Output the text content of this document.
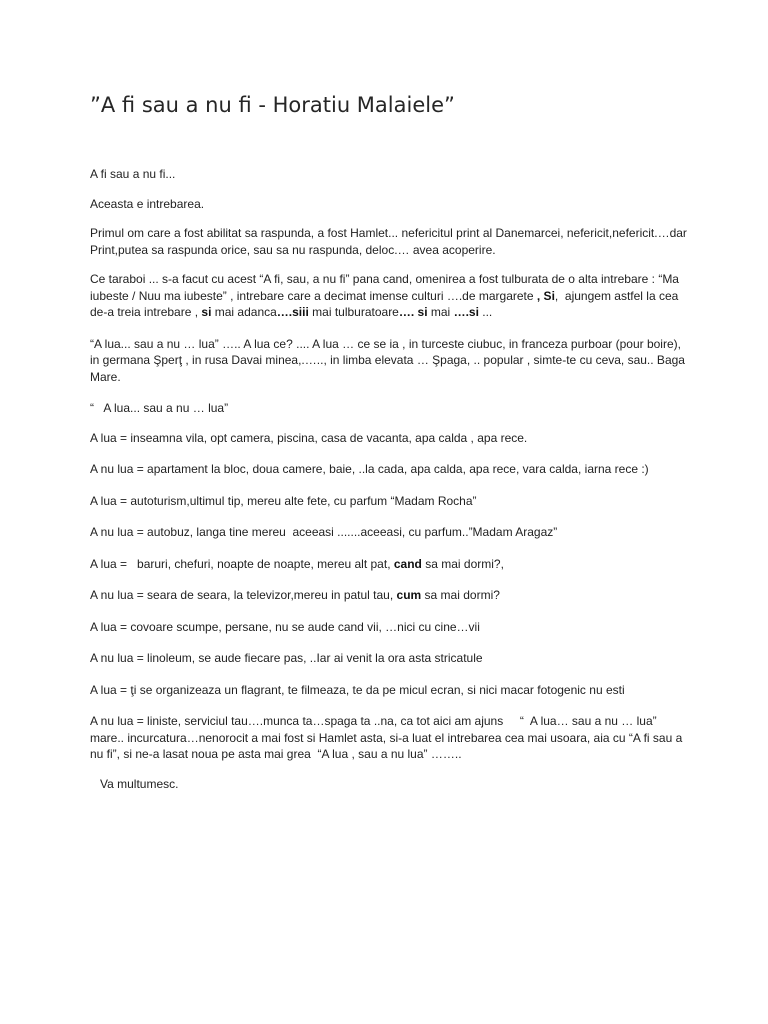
”A fi sau a nu fi - Horatiu Malaiele”

A fi sau a nu fi...

Aceasta e intrebarea.

Primul om care a fost abilitat sa raspunda, a fost Hamlet... nefericitul print al Danemarcei, nefericit,nefericit.…dar Print,putea sa raspunda orice, sau sa nu raspunda, deloc.… avea acoperire.

Ce taraboi ... s-a facut cu acest “A fi, sau, a nu fi” pana cand, omenirea a fost tulburata de o alta intrebare : “Ma iubeste / Nuu ma iubeste” , intrebare care a decimat imense culturi ….de margarete , Si,  ajungem astfel la cea de-a treia intrebare , si mai adanca….siii mai tulburatoare…. si mai ….si ...

“A lua... sau a nu … lua” ….. A lua ce? .... A lua … ce se ia , in turceste ciubuc, in franceza purboar (pour boire), in germana Şperţ , in rusa Davai minea,.….., in limba elevata … Şpaga, .. popular , simte-te cu ceva, sau.. Baga Mare.

“   A lua... sau a nu … lua”

A lua = inseamna vila, opt camera, piscina, casa de vacanta, apa calda , apa rece.

A nu lua = apartament la bloc, doua camere, baie, ..la cada, apa calda, apa rece, vara calda, iarna rece :)

A lua = autoturism,ultimul tip, mereu alte fete, cu parfum “Madam Rocha”

A nu lua = autobuz, langa tine mereu  aceeasi .......aceeasi, cu parfum..”Madam Aragaz”

A lua =   baruri, chefuri, noapte de noapte, mereu alt pat, cand sa mai dormi?,

A nu lua = seara de seara, la televizor,mereu in patul tau, cum sa mai dormi?

A lua = covoare scumpe, persane, nu se aude cand vii, …nici cu cine…vii

A nu lua = linoleum, se aude fiecare pas, ..Iar ai venit la ora asta stricatule

A lua = ţi se organizeaza un flagrant, te filmeaza, te da pe micul ecran, si nici macar fotogenic nu esti

A nu lua = liniste, serviciul tau….munca ta…spaga ta ..na, ca tot aici am ajuns     “  A lua… sau a nu … lua” mare.. incurcatura…nenorocit a mai fost si Hamlet asta, si-a luat el intrebarea cea mai usoara, aia cu “A fi sau a nu fi”, si ne-a lasat noua pe asta mai grea  “A lua , sau a nu lua” ……..

Va multumesc.
